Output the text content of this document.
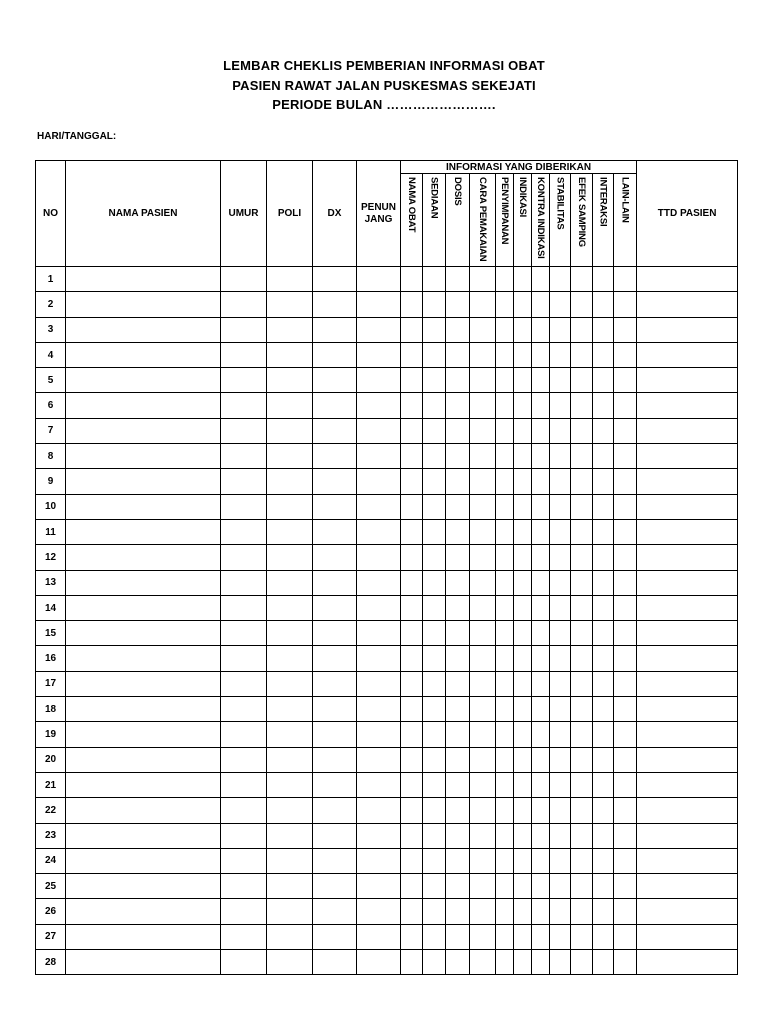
LEMBAR CHEKLIS PEMBERIAN INFORMASI OBAT
PASIEN RAWAT JALAN PUSKESMAS SEKEJATI
PERIODE BULAN …………………….
HARI/TANGGAL:
NO	NAMA PASIEN	UMUR	POLI	DX	PENUN JANG	INFORMASI YANG DIBERIKAN											TTD PASIEN
						NAMA OBAT	SEDIAAN	DOSIS	CARA PEMAKAIAN	PENYIMPANAN	INDIKASI	KONTRA INDIKASI	STABILITAS	EFEK SAMPING	INTERAKSI	LAIN-LAIN	
1																	
2																	
3																	
4																	
5																	
6																	
7																	
8																	
9																	
10																	
11																	
12																	
13																	
14																	
15																	
16																	
17																	
18																	
19																	
20																	
21																	
22																	
23																	
24																	
25																	
26																	
27																	
28																	
